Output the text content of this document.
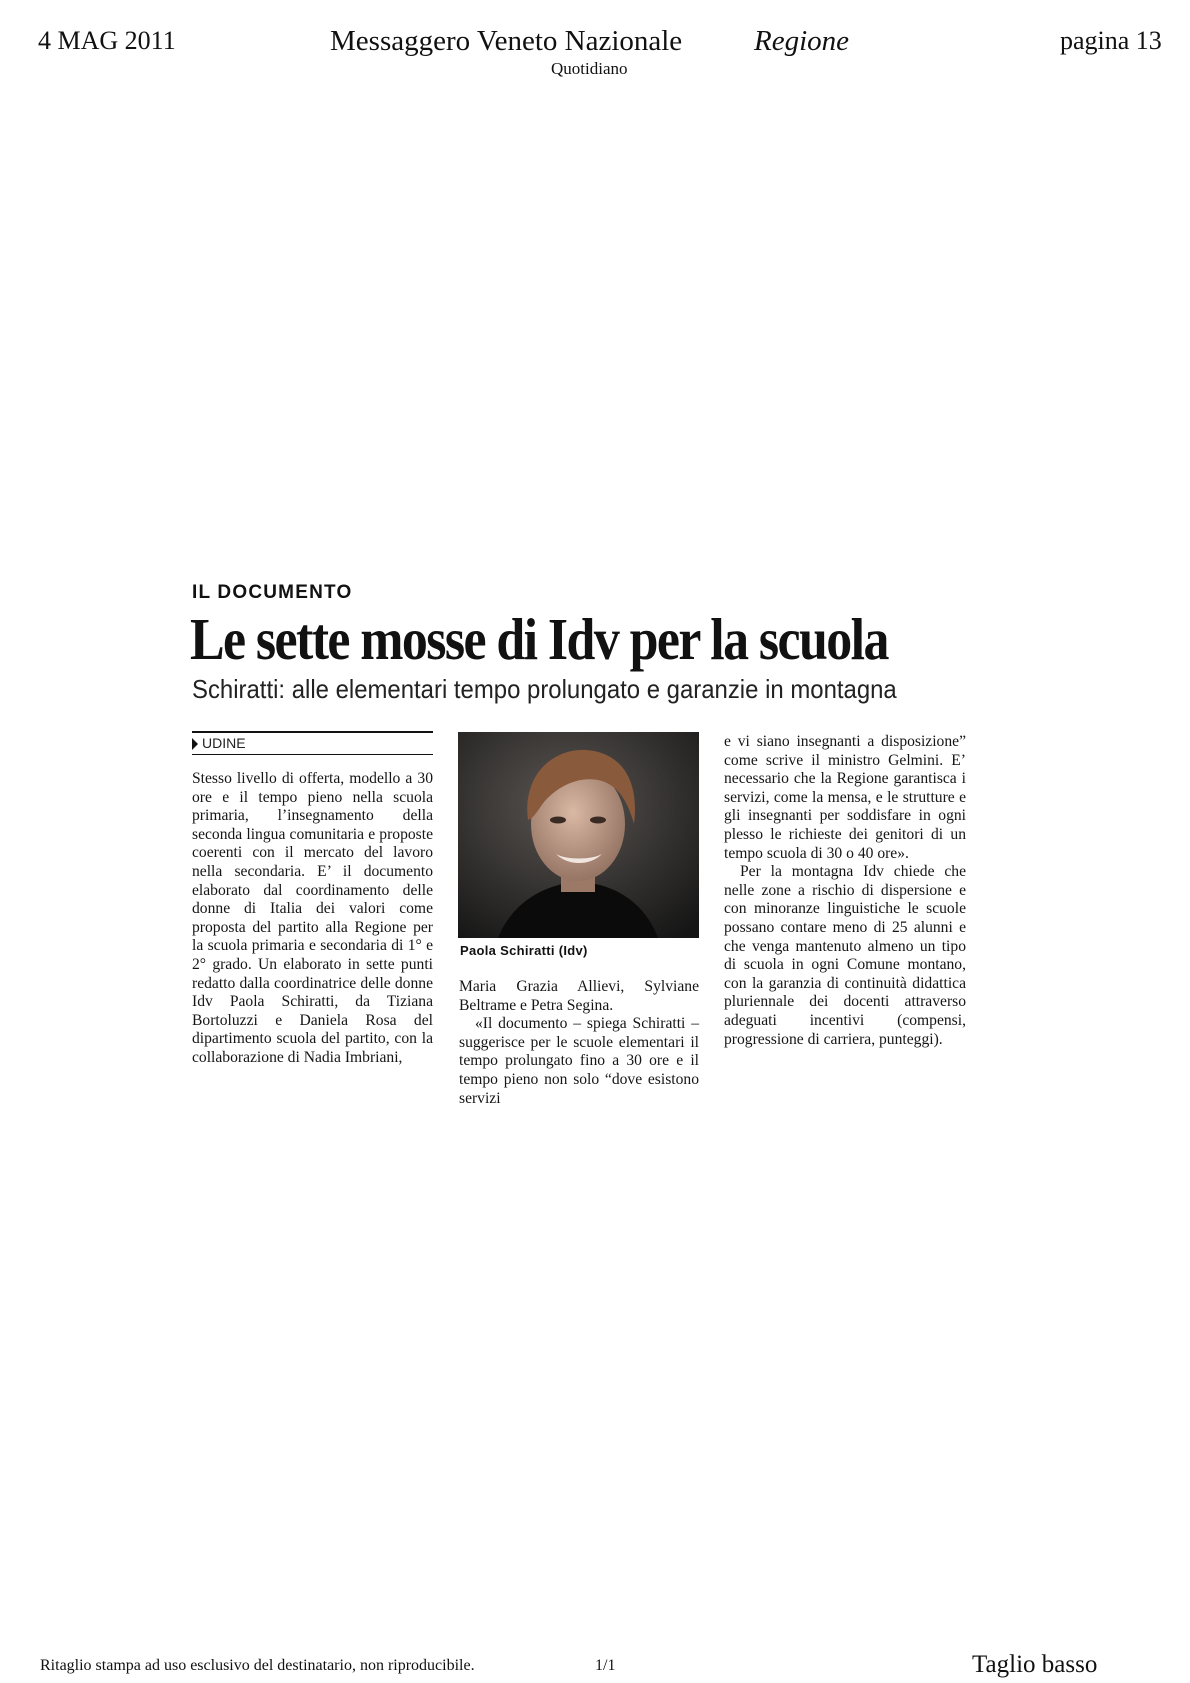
4 MAG 2011	Messaggero Veneto Nazionale Regione	pagina 13
Quotidiano
IL DOCUMENTO
Le sette mosse di Idv per la scuola
Schiratti: alle elementari tempo prolungato e garanzie in montagna
UDINE

Stesso livello di offerta, modello a 30 ore e il tempo pieno nella scuola primaria, l’insegnamento della seconda lingua comunitaria e proposte coerenti con il mercato del lavoro nella secondaria. E’ il documento elaborato dal coordinamento delle donne di Italia dei valori come proposta del partito alla Regione per la scuola primaria e secondaria di 1° e 2° grado. Un elaborato in sette punti redatto dalla coordinatrice delle donne Idv Paola Schiratti, da Tiziana Bortoluzzi e Daniela Rosa del dipartimento scuola del partito, con la collaborazione di Nadia Imbriani,

Paola Schiratti (Idv)

Maria Grazia Allievi, Sylviane Beltrame e Petra Segina.

«Il documento – spiega Schiratti – suggerisce per le scuole elementari il tempo prolungato fino a 30 ore e il tempo pieno non solo “dove esistono servizi

e vi siano insegnanti a disposizione” come scrive il ministro Gelmini. E’ necessario che la Regione garantisca i servizi, come la mensa, e le strutture e gli insegnanti per soddisfare in ogni plesso le richieste dei genitori di un tempo scuola di 30 o 40 ore».

Per la montagna Idv chiede che nelle zone a rischio di dispersione e con minoranze linguistiche le scuole possano contare meno di 25 alunni e che venga mantenuto almeno un tipo di scuola in ogni Comune montano, con la garanzia di continuità didattica pluriennale dei docenti attraverso adeguati incentivi (compensi, progressione di carriera, punteggi).

Ritaglio stampa ad uso esclusivo del destinatario, non riproducibile.	1/1	Taglio basso
